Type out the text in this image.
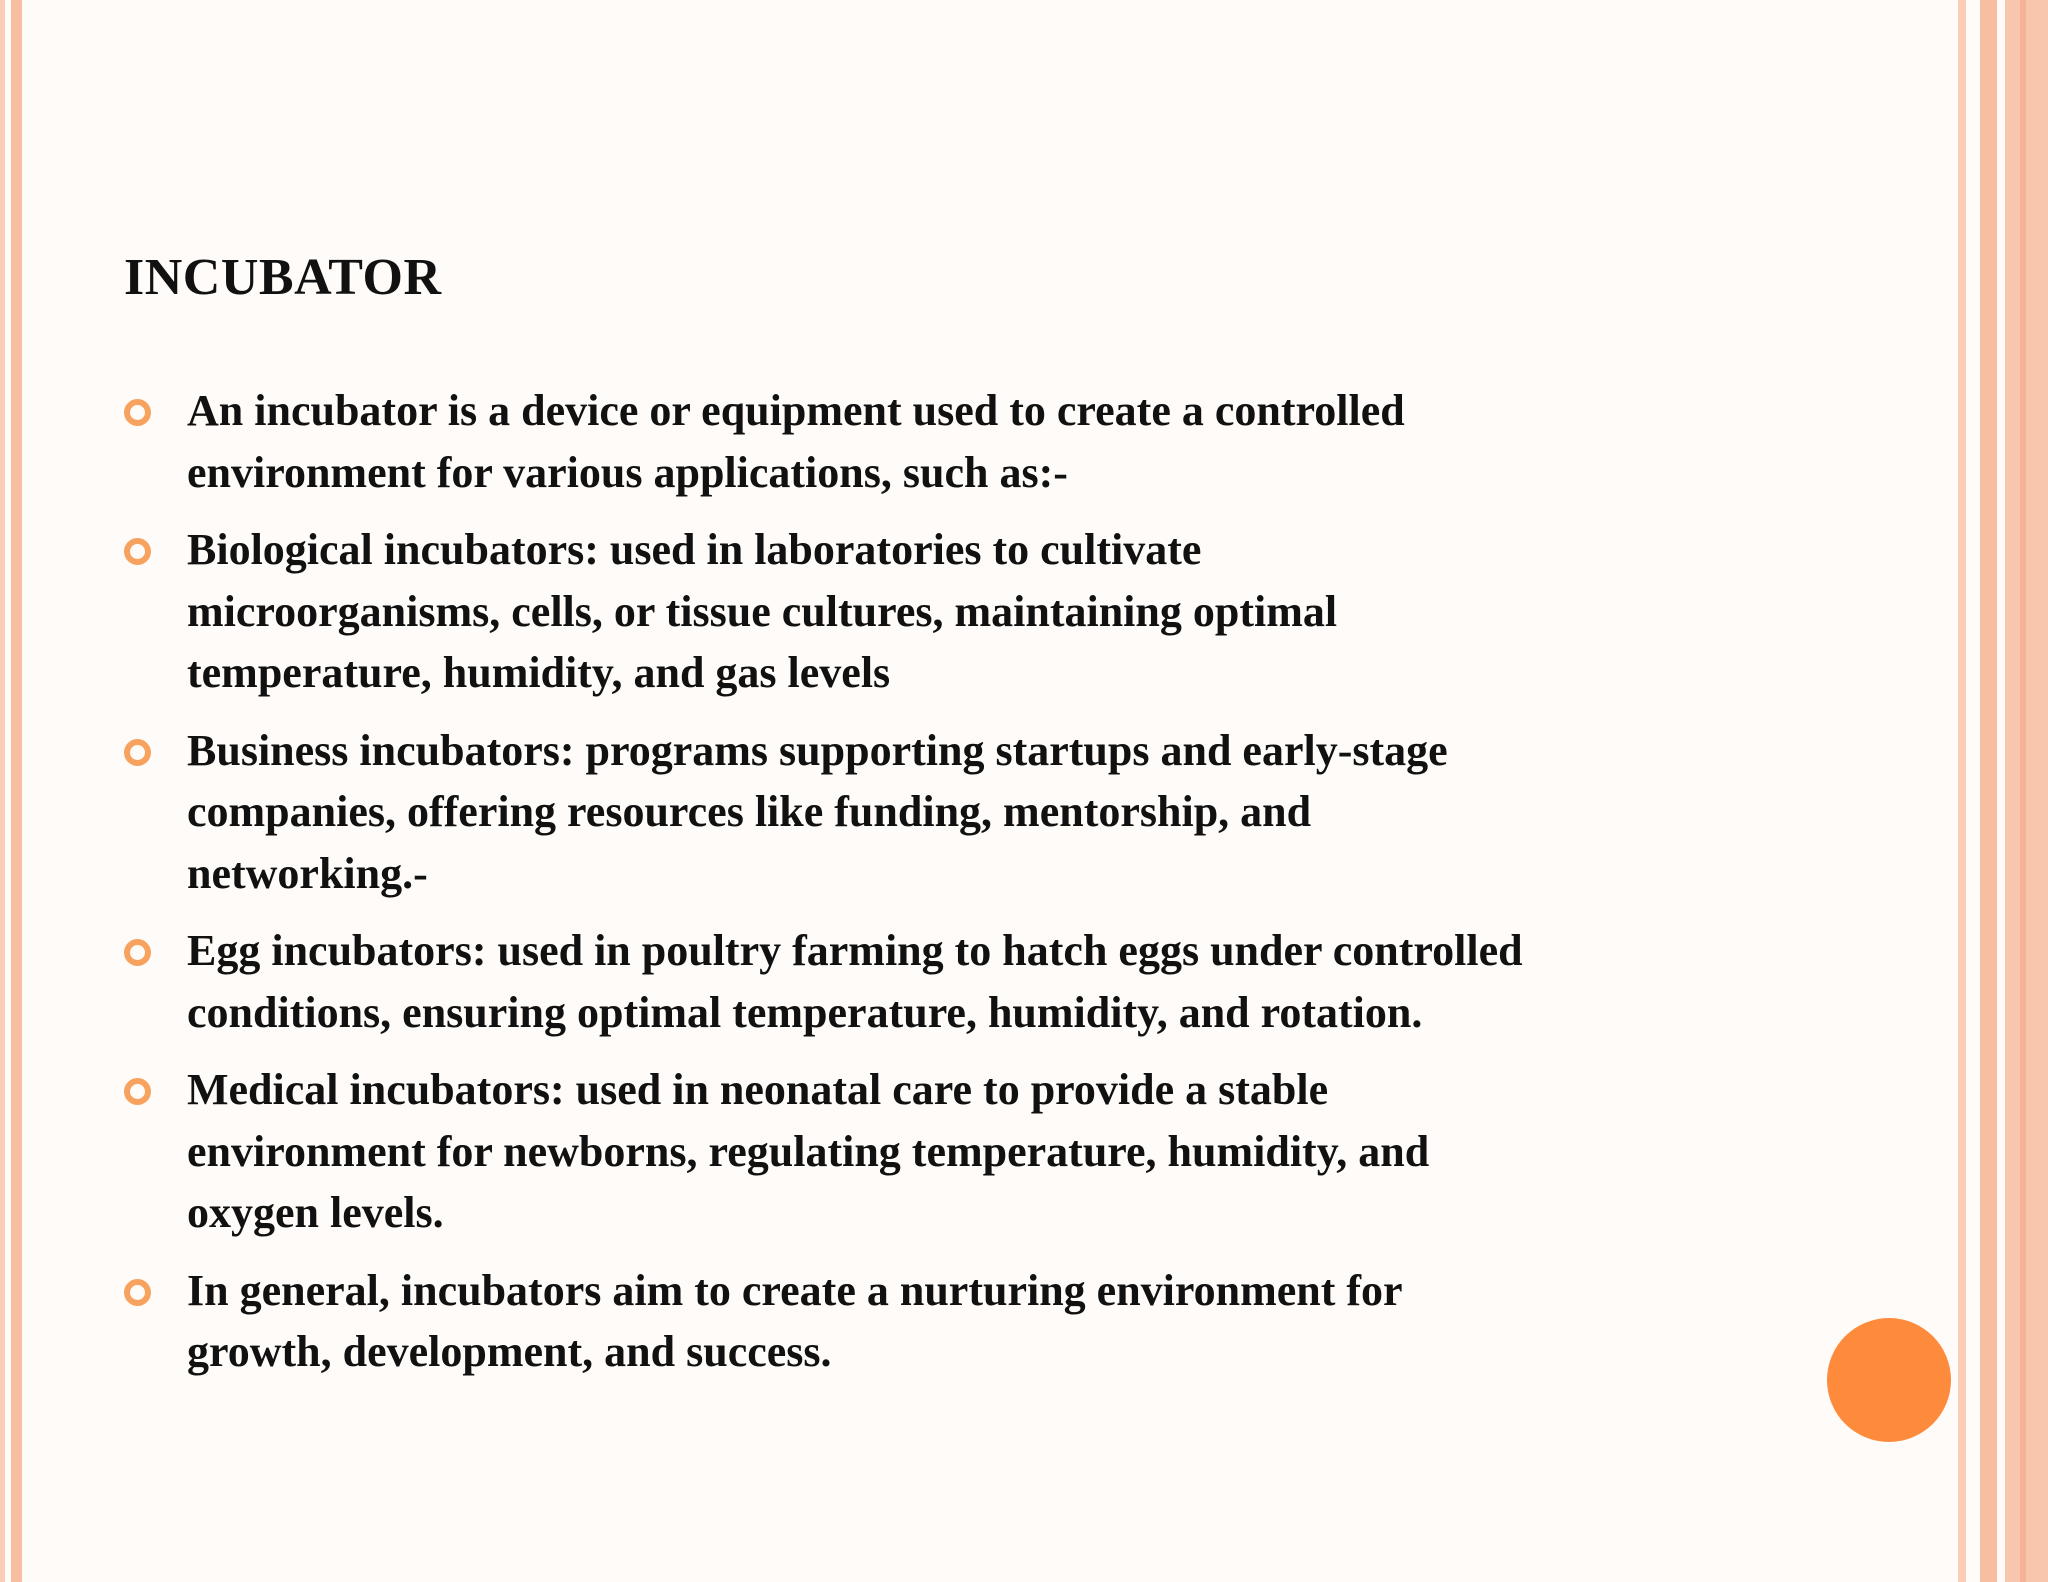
INCUBATOR
An incubator is a device or equipment used to create a controlled
environment for various applications, such as:-
Biological incubators: used in laboratories to cultivate
microorganisms, cells, or tissue cultures, maintaining optimal
temperature, humidity, and gas levels
Business incubators: programs supporting startups and early-stage
companies, offering resources like funding, mentorship, and
networking.-
Egg incubators: used in poultry farming to hatch eggs under controlled
conditions, ensuring optimal temperature, humidity, and rotation.
Medical incubators: used in neonatal care to provide a stable
environment for newborns, regulating temperature, humidity, and
oxygen levels.
In general, incubators aim to create a nurturing environment for
growth, development, and success.
